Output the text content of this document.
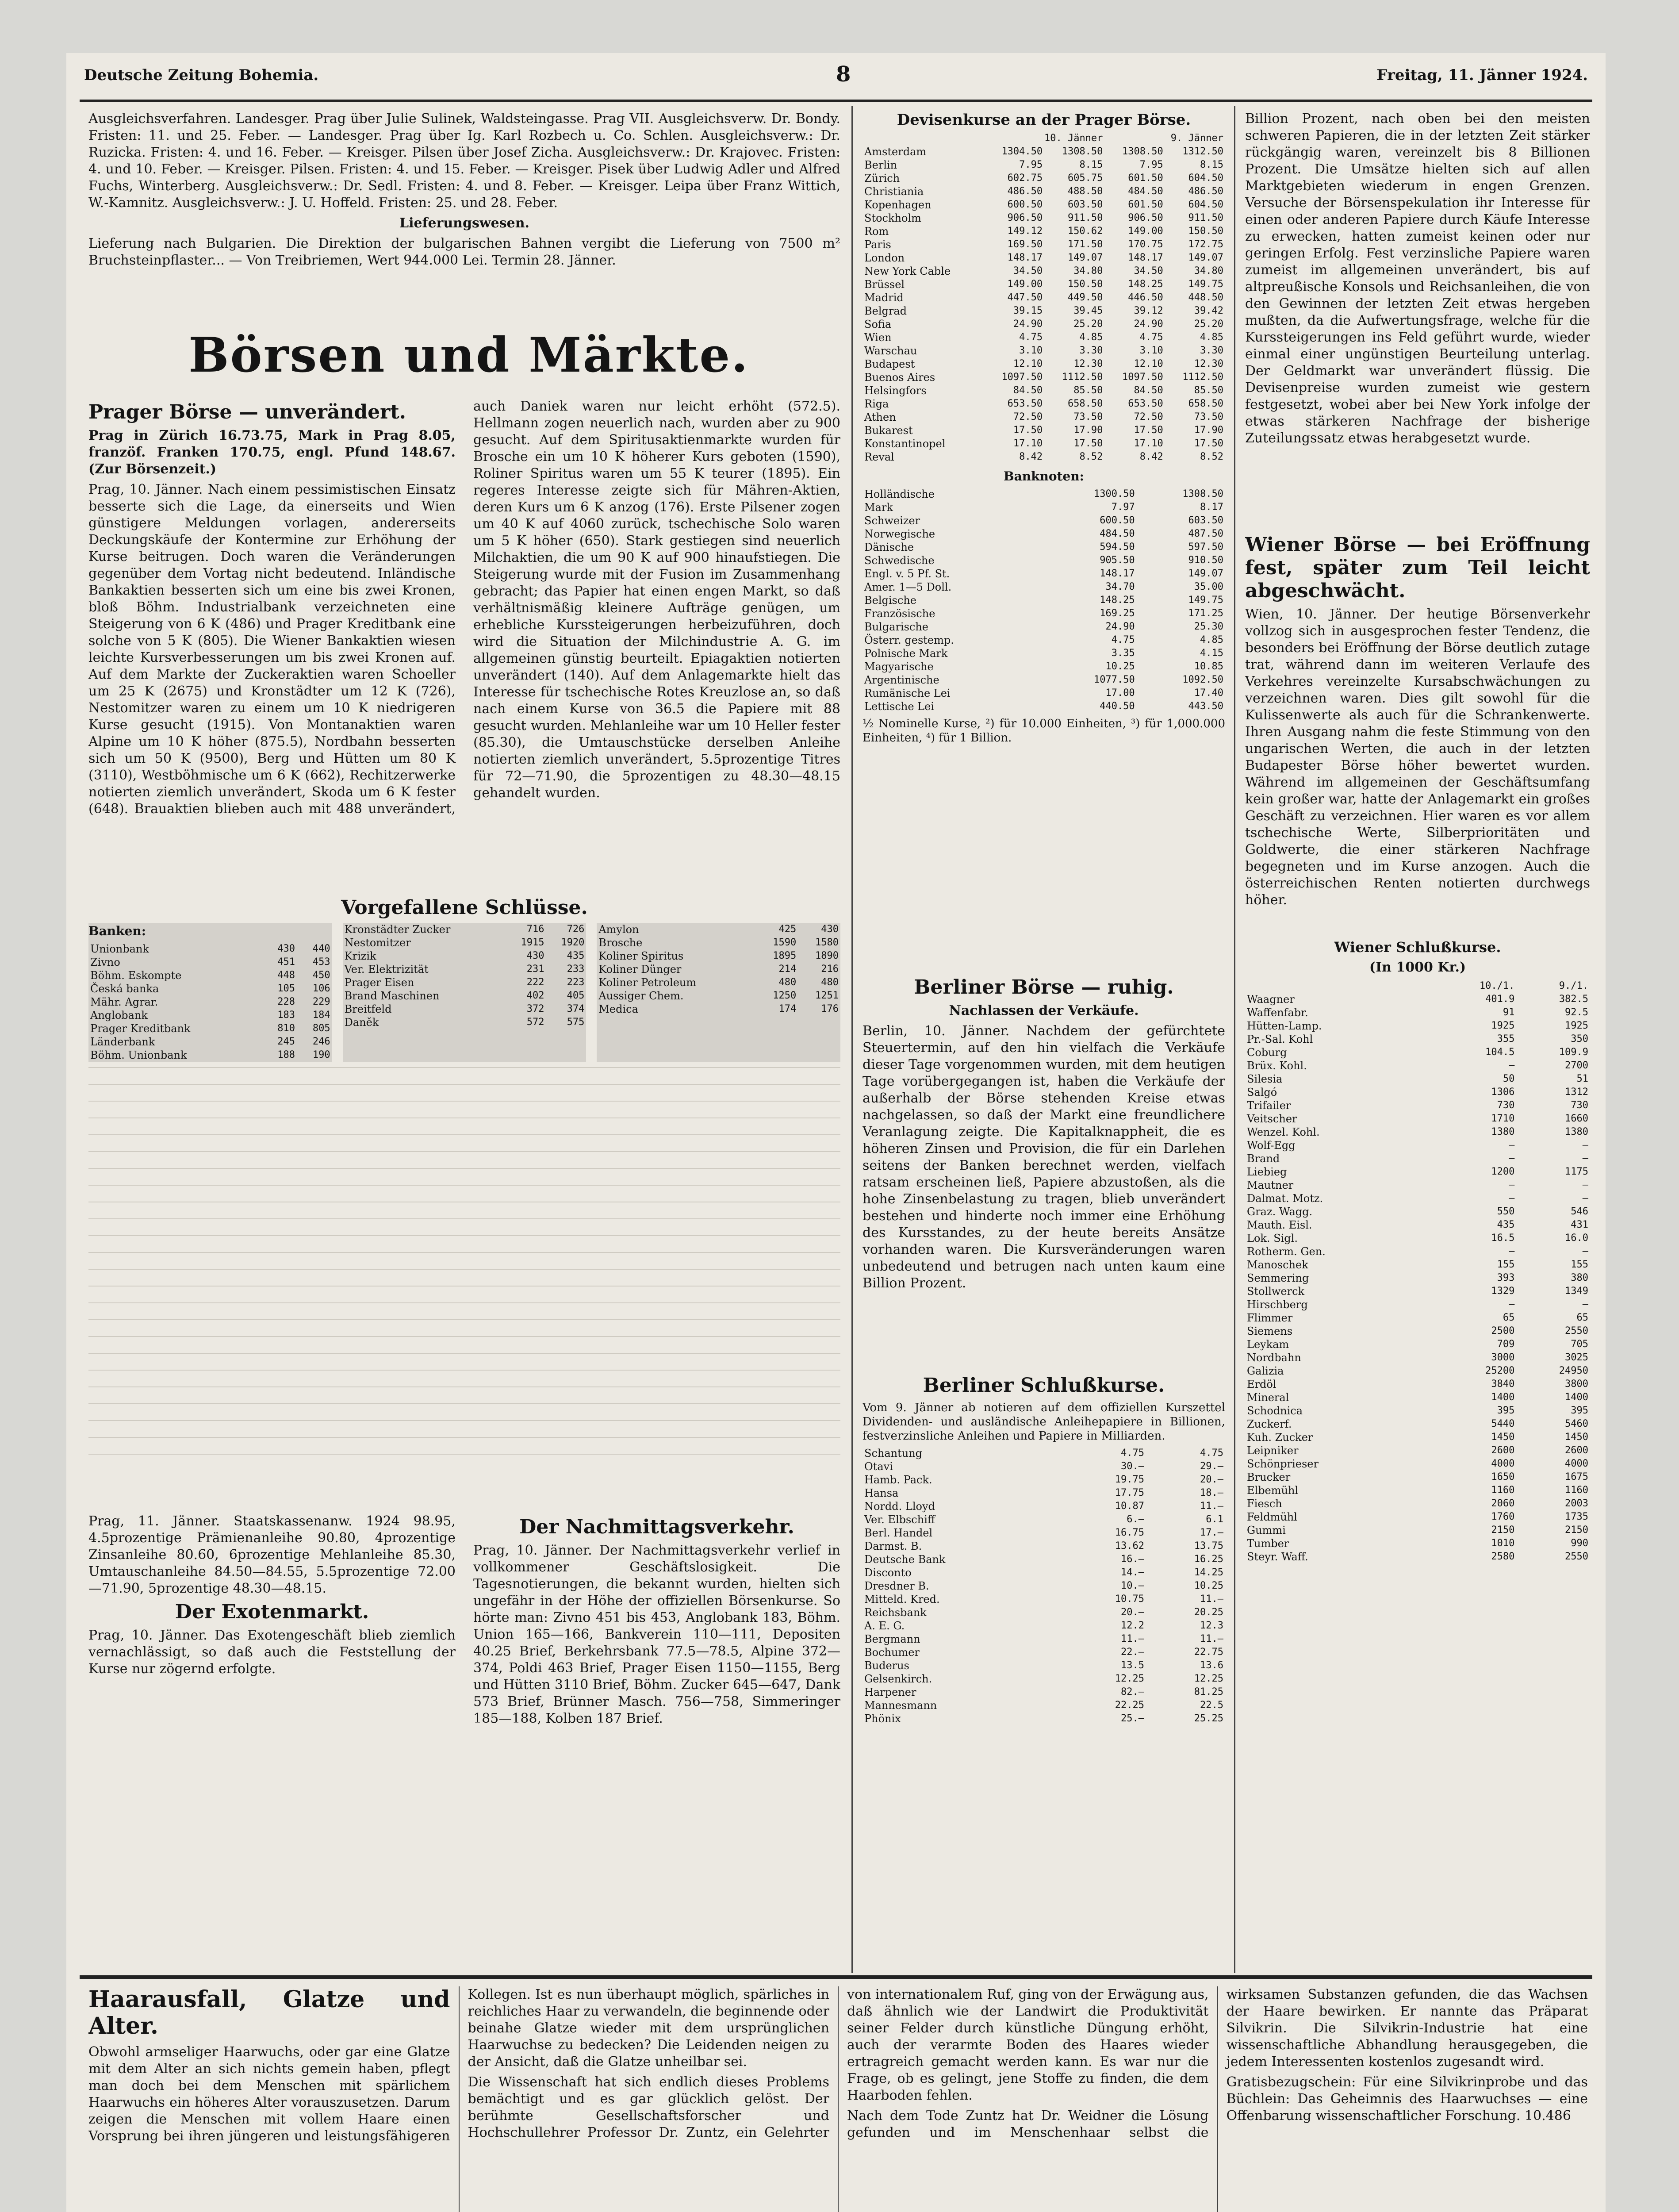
Deutsche Zeitung Bohemia.	8	Freitag, 11. Jänner 1924.

Ausgleichsverfahren. Landesger. Prag über Julie Sulinek, Waldsteingasse. Prag VII. Ausgleichsverw. Dr. Bondy. Fristen: 11. und 25. Feber. — Landesger. Prag über Ig. Karl Rozbech u. Co. Schlen. Ausgleichsverw.: Dr. Ruzicka. Fristen: 4. und 16. Feber. — Kreisger. Pilsen über Josef Zicha. Ausgleichsverw.: Dr. Krajovec. Fristen: 4. und 10. Feber. — Kreisger. Pilsen. Fristen: 4. und 15. Feber. — Kreisger. Pisek über Ludwig Adler und Alfred Fuchs, Winterberg. Ausgleichsverw.: Dr. Sedl. Fristen: 4. und 8. Feber. — Kreisger. Leipa über Franz Wittich, W.-Kamnitz. Ausgleichsverw.: J. U. Hoffeld. Fristen: 25. und 28. Feber.

Lieferungswesen.

Lieferung nach Bulgarien. Die Direktion der bulgarischen Bahnen vergibt die Lieferung von 7500 m² Bruchsteinpflaster... — Von Treibriemen, Wert 944.000 Lei. Termin 28. Jänner.

Börsen und Märkte.
Prager Börse — unverändert.

Prag in Zürich 16.73.75, Mark in Prag 8.05, franzöf. Franken 170.75, engl. Pfund 148.67. (Zur Börsenzeit.)

Prag, 10. Jänner. Nach einem pessimistischen Einsatz besserte sich die Lage, da einerseits und Wien günstigere Meldungen vorlagen, andererseits Deckungskäufe der Kontermine zur Erhöhung der Kurse beitrugen. Doch waren die Veränderungen gegenüber dem Vortag nicht bedeutend. Inländische Bankaktien besserten sich um eine bis zwei Kronen, bloß Böhm. Industrialbank verzeichneten eine Steigerung von 6 K (486) und Prager Kreditbank eine solche von 5 K (805). Die Wiener Bankaktien wiesen leichte Kursverbesserungen um bis zwei Kronen auf. Auf dem Markte der Zuckeraktien waren Schoeller um 25 K (2675) und Kronstädter um 12 K (726), Nestomitzer waren zu einem um 10 K niedrigeren Kurse gesucht (1915). Von Montanaktien waren Alpine um 10 K höher (875.5), Nordbahn besserten sich um 50 K (9500), Berg und Hütten um 80 K (3110), Westböhmische um 6 K (662), Rechitzerwerke notierten ziemlich unverändert, Skoda um 6 K fester (648). Brauaktien blieben auch mit 488 unverändert, auch Daniek waren nur leicht erhöht (572.5). Hellmann zogen neuerlich nach, wurden aber zu 900 gesucht. Auf dem Spiritusaktienmarkte wurden für Brosche ein um 10 K höherer Kurs geboten (1590), Roliner Spiritus waren um 55 K teurer (1895). Ein regeres Interesse zeigte sich für Mähren-Aktien, deren Kurs um 6 K anzog (176). Erste Pilsener zogen um 40 K auf 4060 zurück, tschechische Solo waren um 5 K höher (650). Stark gestiegen sind neuerlich Milchaktien, die um 90 K auf 900 hinaufstiegen. Die Steigerung wurde mit der Fusion im Zusammenhang gebracht; das Papier hat einen engen Markt, so daß verhältnismäßig kleinere Aufträge genügen, um erhebliche Kurssteigerungen herbeizuführen, doch wird die Situation der Milchindustrie A. G. im allgemeinen günstig beurteilt. Epiagaktien notierten unverändert (140). Auf dem Anlagemarkte hielt das Interesse für tschechische Rotes Kreuzlose an, so daß nach einem Kurse von 36.5 die Papiere mit 88 gesucht wurden. Mehlanleihe war um 10 Heller fester (85.30), die Umtauschstücke derselben Anleihe notierten ziemlich unverändert, 5.5prozentige Titres für 72—71.90, die 5prozentigen zu 48.30—48.15 gehandelt wurden.

Vorgefallene Schlüsse.
Banken:
Unionbank	430	440
Zivno	451	453
Böhm. Eskompte	448	450
Česká banka	105	106
Mähr. Agrar.	228	229
Anglobank	183	184
Prager Kreditbank	810	805
Länderbank	245	246
Böhm. Unionbank	188	190
Kronstädter Zucker	716	726
Nestomitzer	1915	1920
Krizik	430	435
Ver. Elektrizität	231	233
Prager Eisen	222	223
Brand Maschinen	402	405
Breitfeld	372	374
Daněk	572	575
Amylon	425	430
Brosche	1590	1580
Koliner Spiritus	1895	1890
Koliner Dünger	214	216
Koliner Petroleum	480	480
Aussiger Chem.	1250	1251
Medica	174	176

Prag, 11. Jänner. Staatskassenanw. 1924 98.95, 4.5prozentige Prämienanleihe 90.80, 4prozentige Zinsanleihe 80.60, 6prozentige Mehlanleihe 85.30, Umtauschanleihe 84.50—84.55, 5.5prozentige 72.00—71.90, 5prozentige 48.30—48.15.

Der Exotenmarkt.

Prag, 10. Jänner. Das Exotengeschäft blieb ziemlich vernachlässigt, so daß auch die Feststellung der Kurse nur zögernd erfolgte.

Der Nachmittagsverkehr.

Prag, 10. Jänner. Der Nachmittagsverkehr verlief in vollkommener Geschäftslosigkeit. Die Tagesnotierungen, die bekannt wurden, hielten sich ungefähr in der Höhe der offiziellen Börsenkurse. So hörte man: Zivno 451 bis 453, Anglobank 183, Böhm. Union 165—166, Bankverein 110—111, Depositen 40.25 Brief, Berkehrsbank 77.5—78.5, Alpine 372—374, Poldi 463 Brief, Prager Eisen 1150—1155, Berg und Hütten 3110 Brief, Böhm. Zucker 645—647, Dank 573 Brief, Brünner Masch. 756—758, Simmeringer 185—188, Kolben 187 Brief.

Devisenkurse an der Prager Börse.
	10. Jänner		9. Jänner	
Amsterdam	1304.50	1308.50	1308.50	1312.50
Berlin	7.95	8.15	7.95	8.15
Zürich	602.75	605.75	601.50	604.50
Christiania	486.50	488.50	484.50	486.50
Kopenhagen	600.50	603.50	601.50	604.50
Stockholm	906.50	911.50	906.50	911.50
Rom	149.12	150.62	149.00	150.50
Paris	169.50	171.50	170.75	172.75
London	148.17	149.07	148.17	149.07
New York Cable	34.50	34.80	34.50	34.80
Brüssel	149.00	150.50	148.25	149.75
Madrid	447.50	449.50	446.50	448.50
Belgrad	39.15	39.45	39.12	39.42
Sofia	24.90	25.20	24.90	25.20
Wien	4.75	4.85	4.75	4.85
Warschau	3.10	3.30	3.10	3.30
Budapest	12.10	12.30	12.10	12.30
Buenos Aires	1097.50	1112.50	1097.50	1112.50
Helsingfors	84.50	85.50	84.50	85.50
Riga	653.50	658.50	653.50	658.50
Athen	72.50	73.50	72.50	73.50
Bukarest	17.50	17.90	17.50	17.90
Konstantinopel	17.10	17.50	17.10	17.50
Reval	8.42	8.52	8.42	8.52
Banknoten:
Holländische	1300.50	1308.50
Mark	7.97	8.17
Schweizer	600.50	603.50
Norwegische	484.50	487.50
Dänische	594.50	597.50
Schwedische	905.50	910.50
Engl. v. 5 Pf. St.	148.17	149.07
Amer. 1—5 Doll.	34.70	35.00
Belgische	148.25	149.75
Französische	169.25	171.25
Bulgarische	24.90	25.30
Österr. gestemp.	4.75	4.85
Polnische Mark	3.35	4.15
Magyarische	10.25	10.85
Argentinische	1077.50	1092.50
Rumänische Lei	17.00	17.40
Lettische Lei	440.50	443.50
½ Nominelle Kurse, ²) für 10.000 Einheiten, ³) für 1,000.000 Einheiten, ⁴) für 1 Billion.
Berliner Börse — ruhig.
Nachlassen der Verkäufe.

Berlin, 10. Jänner. Nachdem der gefürchtete Steuertermin, auf den hin vielfach die Verkäufe dieser Tage vorgenommen wurden, mit dem heutigen Tage vorübergegangen ist, haben die Verkäufe der außerhalb der Börse stehenden Kreise etwas nachgelassen, so daß der Markt eine freundlichere Veranlagung zeigte. Die Kapitalknappheit, die es höheren Zinsen und Provision, die für ein Darlehen seitens der Banken berechnet werden, vielfach ratsam erscheinen ließ, Papiere abzustoßen, als die hohe Zinsenbelastung zu tragen, blieb unverändert bestehen und hinderte noch immer eine Erhöhung des Kursstandes, zu der heute bereits Ansätze vorhanden waren. Die Kursveränderungen waren unbedeutend und betrugen nach unten kaum eine Billion Prozent.

Berliner Schlußkurse.

Vom 9. Jänner ab notieren auf dem offiziellen Kurszettel Dividenden- und ausländische Anleihepapiere in Billionen, festverzinsliche Anleihen und Papiere in Milliarden.

Schantung	4.75	4.75
Otavi	30.—	29.—
Hamb. Pack.	19.75	20.—
Hansa	17.75	18.—
Nordd. Lloyd	10.87	11.—
Ver. Elbschiff	6.—	6.1
Berl. Handel	16.75	17.—
Darmst. B.	13.62	13.75
Deutsche Bank	16.—	16.25
Disconto	14.—	14.25
Dresdner B.	10.—	10.25
Mitteld. Kred.	10.75	11.—
Reichsbank	20.—	20.25
A. E. G.	12.2	12.3
Bergmann	11.—	11.—
Bochumer	22.—	22.75
Buderus	13.5	13.6
Gelsenkirch.	12.25	12.25
Harpener	82.—	81.25
Mannesmann	22.25	22.5
Phönix	25.—	25.25

Billion Prozent, nach oben bei den meisten schweren Papieren, die in der letzten Zeit stärker rückgängig waren, vereinzelt bis 8 Billionen Prozent. Die Umsätze hielten sich auf allen Marktgebieten wiederum in engen Grenzen. Versuche der Börsenspekulation ihr Interesse für einen oder anderen Papiere durch Käufe Interesse zu erwecken, hatten zumeist keinen oder nur geringen Erfolg. Fest verzinsliche Papiere waren zumeist im allgemeinen unverändert, bis auf altpreußische Konsols und Reichsanleihen, die von den Gewinnen der letzten Zeit etwas hergeben mußten, da die Aufwertungsfrage, welche für die Kurssteigerungen ins Feld geführt wurde, wieder einmal einer ungünstigen Beurteilung unterlag. Der Geldmarkt war unverändert flüssig. Die Devisenpreise wurden zumeist wie gestern festgesetzt, wobei aber bei New York infolge der etwas stärkeren Nachfrage der bisherige Zuteilungssatz etwas herabgesetzt wurde.

Wiener Börse — bei Eröffnung fest, später zum Teil leicht abgeschwächt.

Wien, 10. Jänner. Der heutige Börsenverkehr vollzog sich in ausgesprochen fester Tendenz, die besonders bei Eröffnung der Börse deutlich zutage trat, während dann im weiteren Verlaufe des Verkehres vereinzelte Kursabschwächungen zu verzeichnen waren. Dies gilt sowohl für die Kulissenwerte als auch für die Schrankenwerte. Ihren Ausgang nahm die feste Stimmung von den ungarischen Werten, die auch in der letzten Budapester Börse höher bewertet wurden. Während im allgemeinen der Geschäftsumfang kein großer war, hatte der Anlagemarkt ein großes Geschäft zu verzeichnen. Hier waren es vor allem tschechische Werte, Silberprioritäten und Goldwerte, die einer stärkeren Nachfrage begegneten und im Kurse anzogen. Auch die österreichischen Renten notierten durchwegs höher.

Wiener Schlußkurse.
(In 1000 Kr.)
	10./1.	9./1.
Waagner	401.9	382.5
Waffenfabr.	91	92.5
Hütten-Lamp.	1925	1925
Pr.-Sal. Kohl	355	350
Coburg	104.5	109.9
Brüx. Kohl.	—	2700
Silesia	50	51
Salgó	1306	1312
Trifailer	730	730
Veitscher	1710	1660
Wenzel. Kohl.	1380	1380
Wolf-Egg	—	—
Brand	—	—
Liebieg	1200	1175
Mautner	—	—
Dalmat. Motz.	—	—
Graz. Wagg.	550	546
Mauth. Eisl.	435	431
Lok. Sigl.	16.5	16.0
Rotherm. Gen.	—	—
Manoschek	155	155
Semmering	393	380
Stollwerck	1329	1349
Hirschberg	—	—
Flimmer	65	65
Siemens	2500	2550
Leykam	709	705
Nordbahn	3000	3025
Galizia	25200	24950
Erdöl	3840	3800
Mineral	1400	1400
Schodnica	395	395
Zuckerf.	5440	5460
Kuh. Zucker	1450	1450
Leipniker	2600	2600
Schönprieser	4000	4000
Brucker	1650	1675
Elbemühl	1160	1160
Fiesch	2060	2003
Feldmühl	1760	1735
Gummi	2150	2150
Tumber	1010	990
Steyr. Waff.	2580	2550
Haarausfall, Glatze und Alter.

Obwohl armseliger Haarwuchs, oder gar eine Glatze mit dem Alter an sich nichts gemein haben, pflegt man doch bei dem Menschen mit spärlichem Haarwuchs ein höheres Alter vorauszusetzen. Darum zeigen die Menschen mit vollem Haare einen Vorsprung bei ihren jüngeren und leistungsfähigeren Kollegen. Ist es nun überhaupt möglich, spärliches in reichliches Haar zu verwandeln, die beginnende oder beinahe Glatze wieder mit dem ursprünglichen Haarwuchse zu bedecken? Die Leidenden neigen zu der Ansicht, daß die Glatze unheilbar sei.

Die Wissenschaft hat sich endlich dieses Problems bemächtigt und es gar glücklich gelöst. Der berühmte Gesellschaftsforscher und Hochschullehrer Professor Dr. Zuntz, ein Gelehrter von internationalem Ruf, ging von der Erwägung aus, daß ähnlich wie der Landwirt die Produktivität seiner Felder durch künstliche Düngung erhöht, auch der verarmte Boden des Haares wieder ertragreich gemacht werden kann. Es war nur die Frage, ob es gelingt, jene Stoffe zu finden, die dem Haarboden fehlen.

Nach dem Tode Zuntz hat Dr. Weidner die Lösung gefunden und im Menschenhaar selbst die wirksamen Substanzen gefunden, die das Wachsen der Haare bewirken. Er nannte das Präparat Silvikrin. Die Silvikrin-Industrie hat eine wissenschaftliche Abhandlung herausgegeben, die jedem Interessenten kostenlos zugesandt wird.

Gratisbezugschein: Für eine Silvikrinprobe und das Büchlein: Das Geheimnis des Haarwuchses — eine Offenbarung wissenschaftlicher Forschung. 10.486
